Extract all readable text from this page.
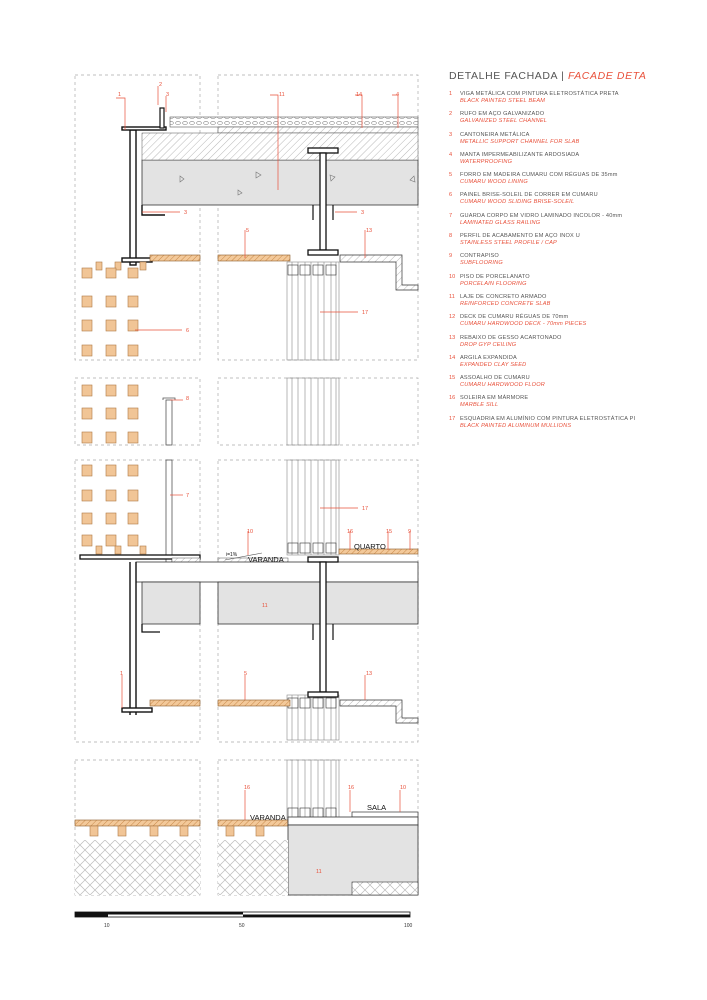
1
2
3	11	14	4
3	3
5	13
6
17
8
7
17
10	16	15	9
11
1	5	13
16	16	10
11
VARANDA
QUARTO
VARANDA
SALA
i=1%
10	50	100
DETALHE FACHADA | FACADE DETA
1	VIGA METÁLICA COM PINTURA ELETROSTÁTICA PRETA
BLACK PAINTED STEEL BEAM
2	RUFO EM AÇO GALVANIZADO
GALVANIZED STEEL CHANNEL
3	CANTONEIRA METÁLICA
METALLIC SUPPORT CHANNEL FOR SLAB
4	MANTA IMPERMEABILIZANTE ARDOSIADA
WATERPROOFING
5	FORRO EM MADEIRA CUMARU COM RÉGUAS DE 35mm
CUMARU WOOD LINING
6	PAINEL BRISE-SOLEIL DE CORRER EM CUMARU
CUMARU WOOD SLIDING BRISE-SOLEIL
7	GUARDA CORPO EM VIDRO LAMINADO INCOLOR - 40mm
LAMINATED GLASS RAILING
8	PERFIL DE ACABAMENTO EM AÇO INOX U
STAINLESS STEEL PROFILE / CAP
9	CONTRAPISO
SUBFLOORING
10 PISO DE PORCELANATO
PORCELAIN FLOORING
11 LAJE DE CONCRETO ARMADO
REINFORCED CONCRETE SLAB
12 DECK DE CUMARU RÉGUAS DE 70mm
CUMARU HARDWOOD DECK - 70mm PIECES
13 REBAIXO DE GESSO ACARTONADO
DROP GYP CEILING
14 ARGILA EXPANDIDA
EXPANDED CLAY SEED
15 ASSOALHO DE CUMARU
CUMARU HARDWOOD FLOOR
16 SOLEIRA EM MÁRMORE
MARBLE SILL
17 ESQUADRIA EM ALUMÍNIO COM PINTURA ELETROSTÁTICA PI
BLACK PAINTED ALUMINUM MULLIONS
